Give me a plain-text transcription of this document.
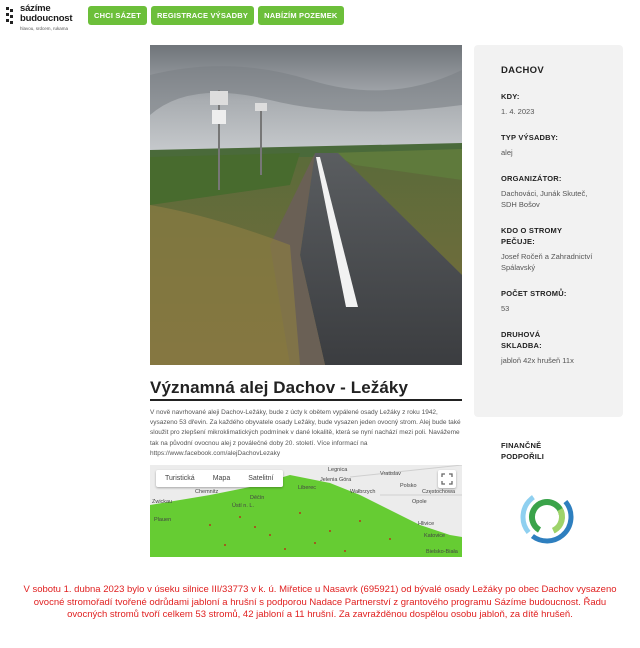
sázíme
budoucnost
hlavou, srdcem, rukama
CHCI SÁZET	REGISTRACE VÝSADBY	NABÍZÍM POZEMEK
Významná alej Dachov - Ležáky
V nově navrhované aleji Dachov-Ležáky, bude z úcty k obětem vypálené osady Ležáky z roku 1942, vysazeno 53 dřevin. Za každého obyvatele osady Ležáky, bude vysazen jeden ovocný strom. Alej bude také sloužit pro zlepšení mikroklimatických podmínek v dané lokalitě, která se nyní nachází mezi poli. Navážeme tak na původní ovocnou alej z poválečné doby 20. století. Více informací na https://www.facebook.com/alejDachovLezaky
Turistická	Mapa	Satelitní
Vratislav
Jelenia Góra
Wałbrzych
Legnica
Chemnitz
Děčín
Liberec	Polsko
Opole
Częstochowa
Hlivice
Katovice
Bielsko-Biała
Ústí n. L.
Zwickau
Plauen
DACHOV
KDY:
1. 4. 2023
TYP VÝSADBY:
alej
ORGANIZÁTOR:
Dachováci, Junák Skuteč, SDH Bošov
KDO O STROMY PEČUJE:
Josef Ročeň a Zahradnictví Spálavský
POČET STROMŮ:
53
DRUHOVÁ SKLADBA:
jabloň 42x hrušeň 11x
FINANČNĚ PODPOŘILI
V sobotu 1. dubna 2023 bylo v úseku silnice III/33773 v k. ú. Miřetice u Nasavrk (695921) od bývalé osady Ležáky po obec Dachov vysazeno ovocné stromořadí tvořené odrůdami jabloní a hrušní s podporou Nadace Partnerství z grantového programu Sázíme budoucnost. Řadu ovocných stromů tvoří celkem 53 stromů, 42 jabloní a 11 hrušní. Za zavražděnou dospělou osobu jabloň, za dítě hrušeň.
